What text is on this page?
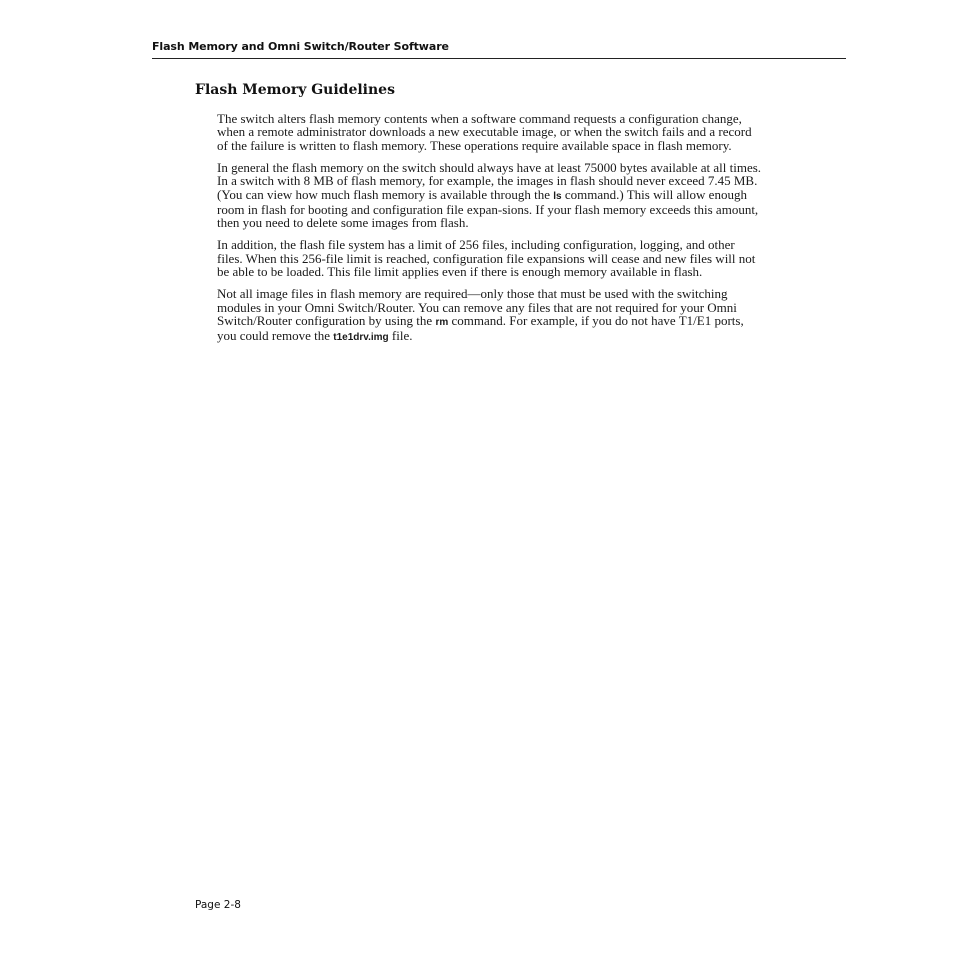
Flash Memory and Omni Switch/Router Software
Flash Memory Guidelines

The switch alters flash memory contents when a software command requests a configuration change, when a remote administrator downloads a new executable image, or when the switch fails and a record of the failure is written to flash memory. These operations require available space in flash memory.

In general the flash memory on the switch should always have at least 75000 bytes available at all times. In a switch with 8 MB of flash memory, for example, the images in flash should never exceed 7.45 MB. (You can view how much flash memory is available through the ls command.) This will allow enough room in flash for booting and configuration file expan-sions. If your flash memory exceeds this amount, then you need to delete some images from flash.

In addition, the flash file system has a limit of 256 files, including configuration, logging, and other files. When this 256-file limit is reached, configuration file expansions will cease and new files will not be able to be loaded. This file limit applies even if there is enough memory available in flash.

Not all image files in flash memory are required—only those that must be used with the switching modules in your Omni Switch/Router. You can remove any files that are not required for your Omni Switch/Router configuration by using the rm command. For example, if you do not have T1/E1 ports, you could remove the t1e1drv.img file.

Page 2-8
